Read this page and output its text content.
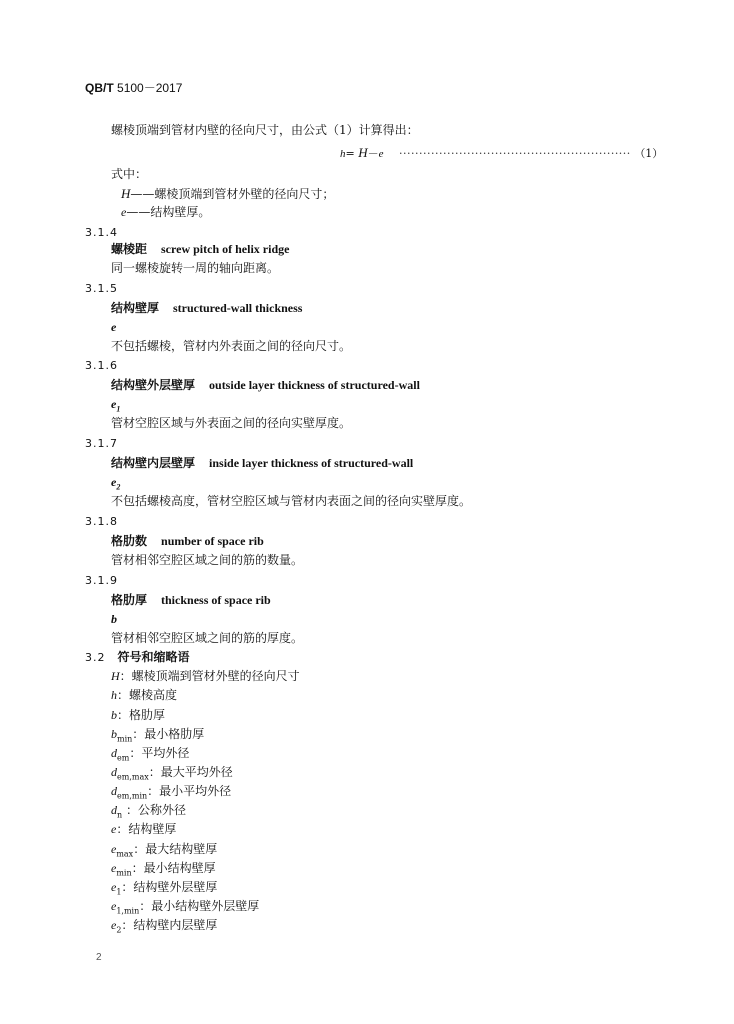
QB/T 5100－2017
螺棱顶端到管材内壁的径向尺寸，由公式（1）计算得出：
h= H－e ·························································· （1）
式中：
H——螺棱顶端到管材外壁的径向尺寸；
e——结构壁厚。
3.1.4
螺棱距 screw pitch of helix ridge
同一螺棱旋转一周的轴向距离。
3.1.5
结构壁厚 structured-wall thickness
e
不包括螺棱，管材内外表面之间的径向尺寸。
3.1.6
结构壁外层壁厚 outside layer thickness of structured-wall
$e_1$
管材空腔区域与外表面之间的径向实壁厚度。
3.1.7
结构壁内层壁厚 inside layer thickness of structured-wall
$e_2$
不包括螺棱高度，管材空腔区域与管材内表面之间的径向实壁厚度。
3.1.8
格肋数 number of space rib
管材相邻空腔区域之间的筋的数量。
3.1.9
格肋厚 thickness of space rib
b
管材相邻空腔区域之间的筋的厚度。
3.2 符号和缩略语
H：螺棱顶端到管材外壁的径向尺寸
h：螺棱高度
b：格肋厚
$b_{min}$：最小格肋厚
$d_{em}$：平均外径
$d_{em,max}$：最大平均外径
$d_{em,min}$：最小平均外径
$d_n$ ：公称外径
e：结构壁厚
$e_{max}$：最大结构壁厚
$e_{min}$：最小结构壁厚
$e_1$：结构壁外层壁厚
$e_{1,min}$：最小结构壁外层壁厚
$e_2$：结构壁内层壁厚
2
